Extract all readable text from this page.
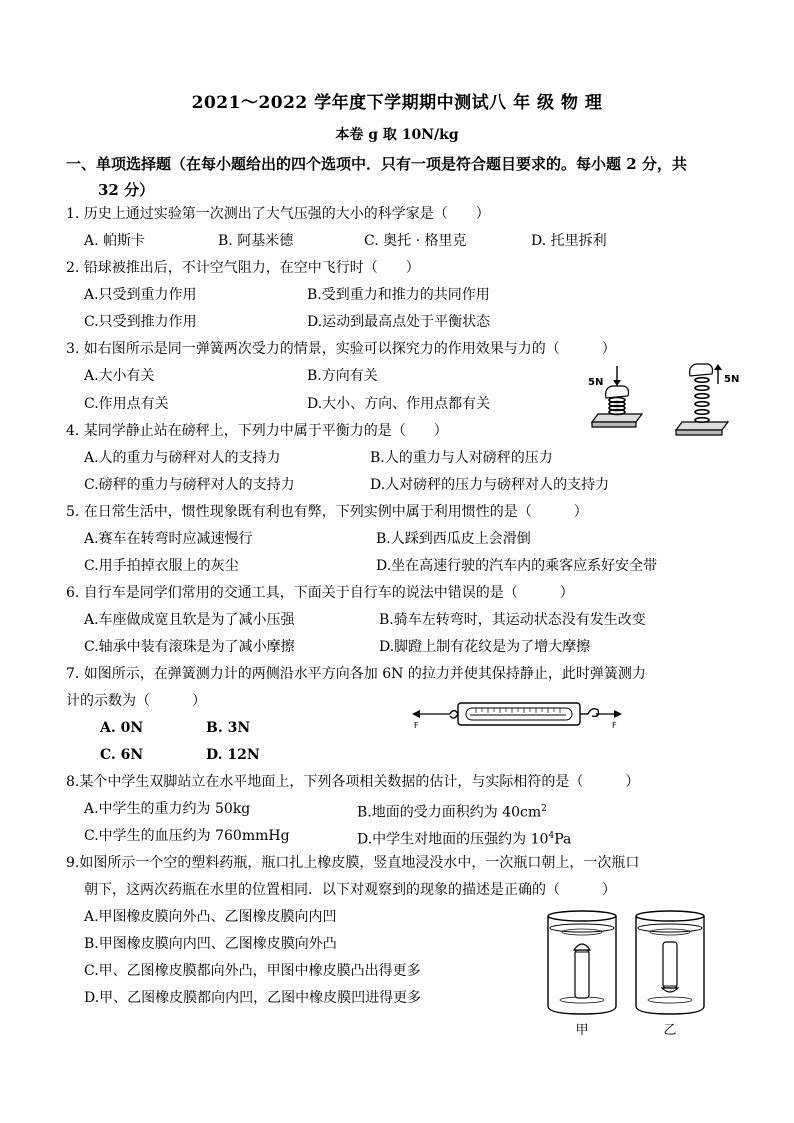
2021～2022 学年度下学期期中测试八 年 级 物 理
本卷 g 取 10N/kg
一、单项选择题（在每小题给出的四个选项中．只有一项是符合题目要求的。每小题 2 分，共
32 分）
1. 历史上通过实验第一次测出了大气压强的大小的科学家是（　　）
A. 帕斯卡	B. 阿基米德	C. 奥托 · 格里克	D. 托里拆利
2. 铅球被推出后，不计空气阻力，在空中飞行时（　　）
A.只受到重力作用	B.受到重力和推力的共同作用
C.只受到推力作用	D.运动到最高点处于平衡状态
3. 如右图所示是同一弹簧两次受力的情景，实验可以探究力的作用效果与力的（　　　）
A.大小有关	B.方向有关
C.作用点有关	D.大小、方向、作用点都有关
5N	5N
4. 某同学静止站在磅秤上，下列力中属于平衡力的是（　　）
A.人的重力与磅秤对人的支持力	B.人的重力与人对磅秤的压力
C.磅秤的重力与磅秤对人的支持力	D.人对磅秤的压力与磅秤对人的支持力
5. 在日常生活中，惯性现象既有利也有弊，下列实例中属于利用惯性的是（　　　）
A.赛车在转弯时应减速慢行	B.人踩到西瓜皮上会滑倒
C.用手拍掉衣服上的灰尘	D.坐在高速行驶的汽车内的乘客应系好安全带
6. 自行车是同学们常用的交通工具，下面关于自行车的说法中错误的是（　　　）
A.车座做成宽且软是为了减小压强	B.骑车左转弯时，其运动状态没有发生改变
C.轴承中装有滚珠是为了减小摩擦	D.脚蹬上制有花纹是为了增大摩擦
7. 如图所示，在弹簧测力计的两侧沿水平方向各加 6N 的拉力并使其保持静止，此时弹簧测力
计的示数为（　　　）
A. 0N	B. 3N
C. 6N	D. 12N
F	F
8.某个中学生双脚站立在水平地面上，下列各项相关数据的估计，与实际相符的是（　　　）
A.中学生的重力约为 50kg	B.地面的受力面积约为 $40cm^2$
C.中学生的血压约为 760mmHg	D.中学生对地面的压强约为 $10^4Pa$
9.如图所示一个空的塑料药瓶，瓶口扎上橡皮膜，竖直地浸没水中，一次瓶口朝上，一次瓶口
朝下，这两次药瓶在水里的位置相同．以下对观察到的现象的描述是正确的（　　　）
A.甲图橡皮膜向外凸、乙图橡皮膜向内凹
B.甲图橡皮膜向内凹、乙图橡皮膜向外凸
C.甲、乙图橡皮膜都向外凸，甲图中橡皮膜凸出得更多
D.甲、乙图橡皮膜都向内凹，乙图中橡皮膜凹进得更多
甲	乙
